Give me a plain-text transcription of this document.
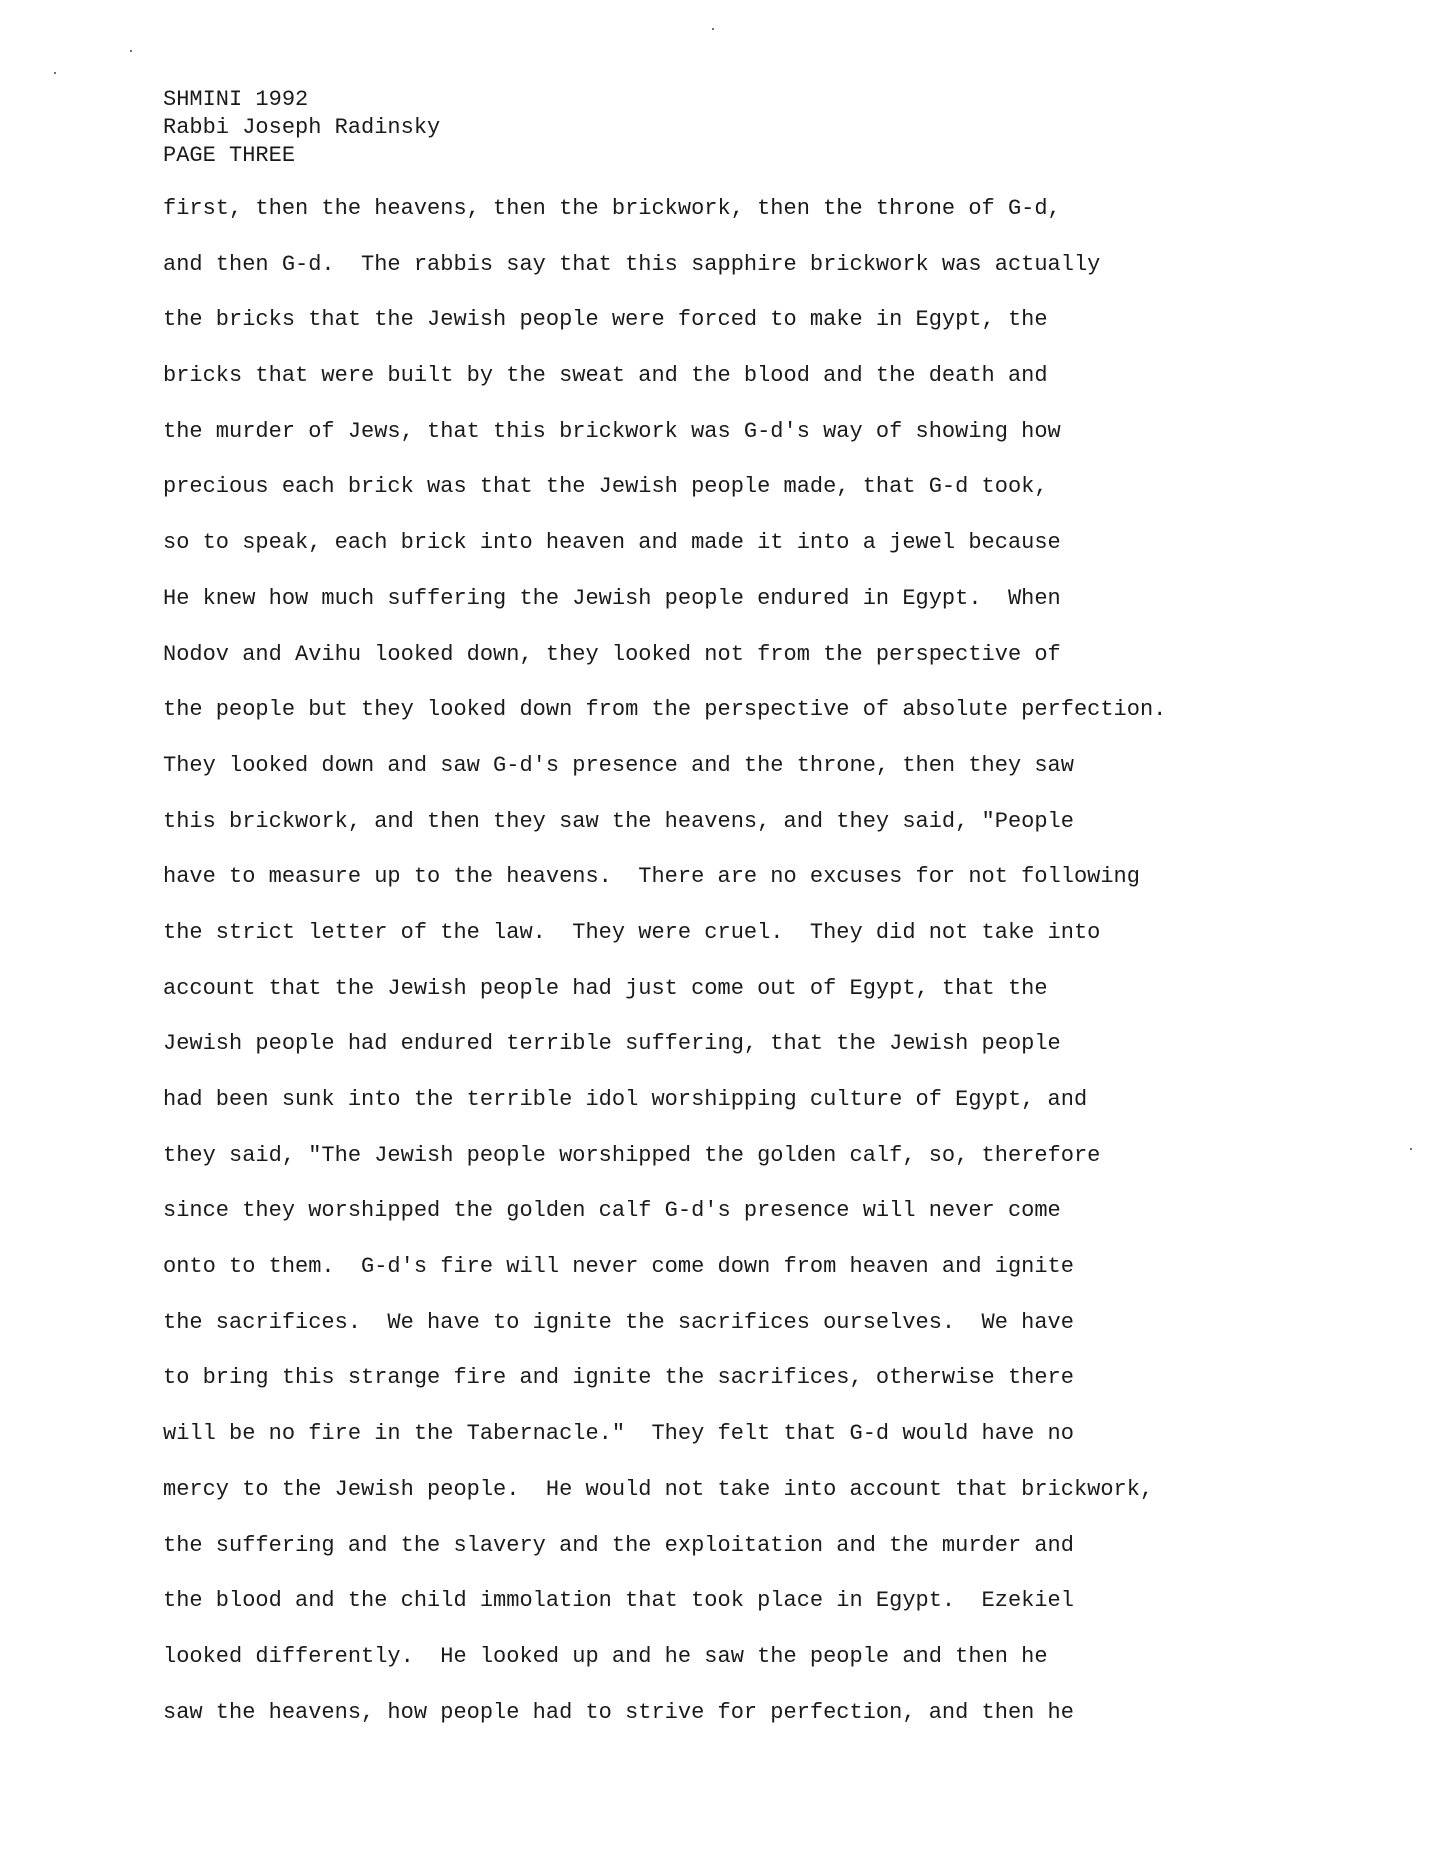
SHMINI 1992
Rabbi Joseph Radinsky
PAGE THREE
first, then the heavens, then the brickwork, then the throne of G-d,
and then G-d.  The rabbis say that this sapphire brickwork was actually
the bricks that the Jewish people were forced to make in Egypt, the
bricks that were built by the sweat and the blood and the death and
the murder of Jews, that this brickwork was G-d's way of showing how
precious each brick was that the Jewish people made, that G-d took,
so to speak, each brick into heaven and made it into a jewel because
He knew how much suffering the Jewish people endured in Egypt.  When
Nodov and Avihu looked down, they looked not from the perspective of
the people but they looked down from the perspective of absolute perfection.
They looked down and saw G-d's presence and the throne, then they saw
this brickwork, and then they saw the heavens, and they said, "People
have to measure up to the heavens.  There are no excuses for not following
the strict letter of the law.  They were cruel.  They did not take into
account that the Jewish people had just come out of Egypt, that the
Jewish people had endured terrible suffering, that the Jewish people
had been sunk into the terrible idol worshipping culture of Egypt, and
they said, "The Jewish people worshipped the golden calf, so, therefore
since they worshipped the golden calf G-d's presence will never come
onto to them.  G-d's fire will never come down from heaven and ignite
the sacrifices.  We have to ignite the sacrifices ourselves.  We have
to bring this strange fire and ignite the sacrifices, otherwise there
will be no fire in the Tabernacle."  They felt that G-d would have no
mercy to the Jewish people.  He would not take into account that brickwork,
the suffering and the slavery and the exploitation and the murder and
the blood and the child immolation that took place in Egypt.  Ezekiel
looked differently.  He looked up and he saw the people and then he
saw the heavens, how people had to strive for perfection, and then he
